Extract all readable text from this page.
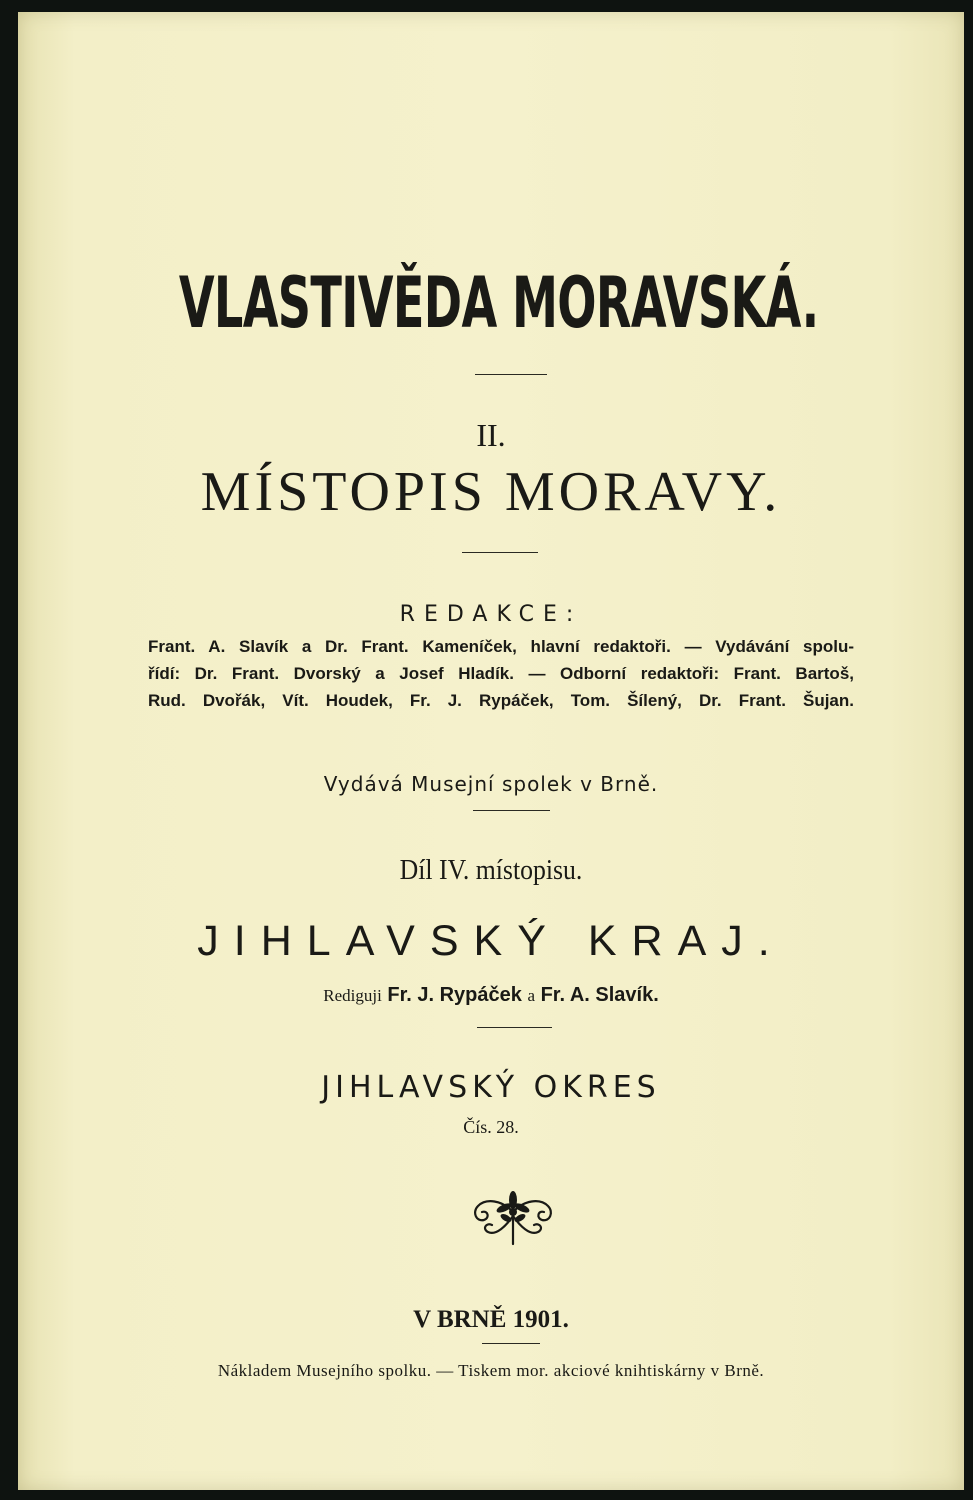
VLASTIVĚDA MORAVSKÁ.
II.
MÍSTOPIS MORAVY.
REDAKCE:
Frant. A. Slavík a Dr. Frant. Kameníček, hlavní redaktoři. — Vydávání spolu-
řídí: Dr. Frant. Dvorský a Josef Hladík. — Odborní redaktoři: Frant. Bartoš,
Rud. Dvořák, Vít. Houdek, Fr. J. Rypáček, Tom. Šílený, Dr. Frant. Šujan.
Vydává Musejní spolek v Brně.
Díl IV. místopisu.
JIHLAVSKÝ KRAJ.
Rediguji Fr. J. Rypáček a Fr. A. Slavík.
JIHLAVSKÝ OKRES
Čís. 28.
V BRNĚ 1901.
Nákladem Musejního spolku. — Tiskem mor. akciové knihtiskárny v Brně.
